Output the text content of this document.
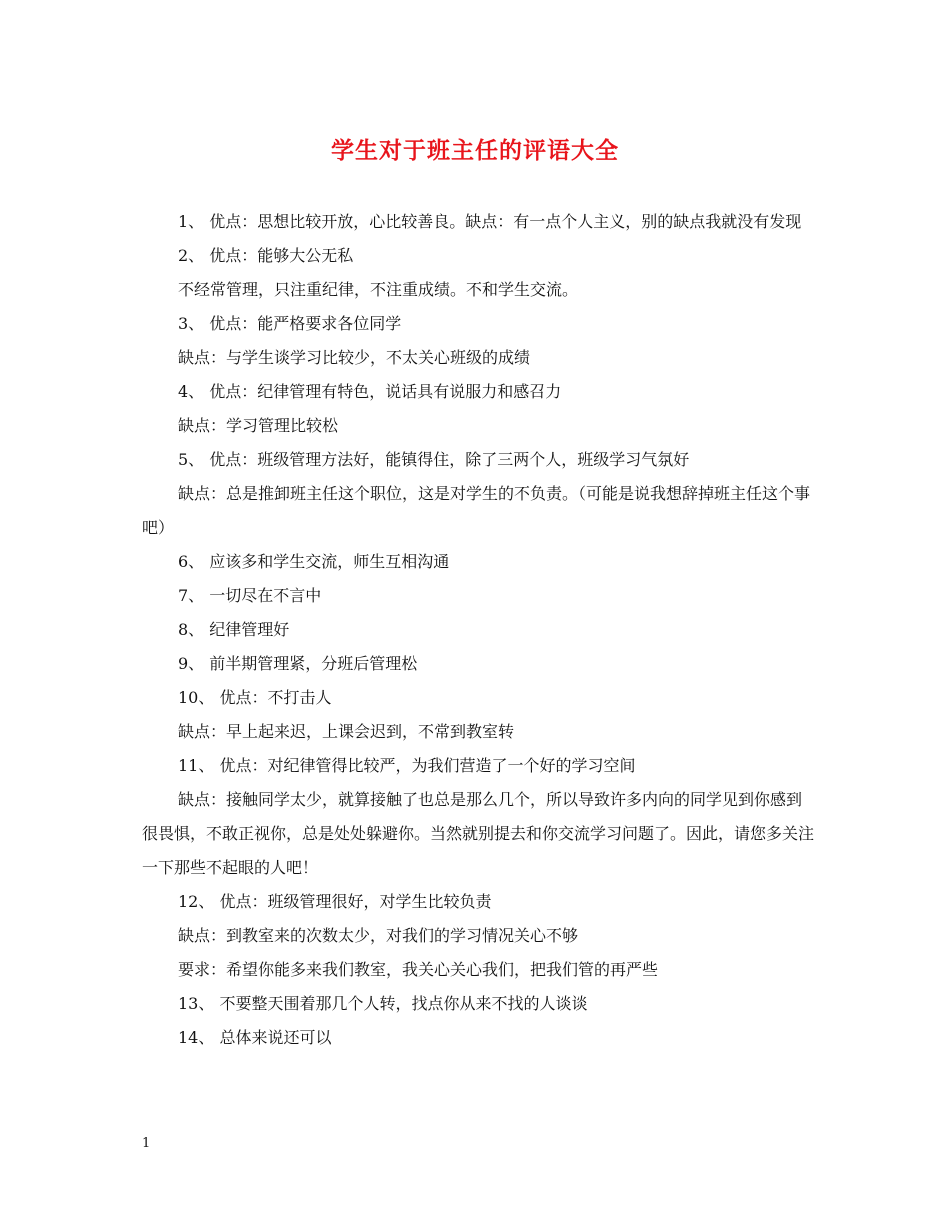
学生对于班主任的评语大全

1、 优点：思想比较开放，心比较善良。缺点：有一点个人主义，别的缺点我就没有发现

2、 优点：能够大公无私

不经常管理，只注重纪律，不注重成绩。不和学生交流。

3、 优点：能严格要求各位同学

缺点：与学生谈学习比较少，不太关心班级的成绩

4、 优点：纪律管理有特色，说话具有说服力和感召力

缺点：学习管理比较松

5、 优点：班级管理方法好，能镇得住，除了三两个人，班级学习气氛好

缺点：总是推卸班主任这个职位，这是对学生的不负责。（可能是说我想辞掉班主任这个事吧）

6、 应该多和学生交流，师生互相沟通

7、 一切尽在不言中

8、 纪律管理好

9、 前半期管理紧，分班后管理松

10、 优点：不打击人

缺点：早上起来迟，上课会迟到，不常到教室转

11、 优点：对纪律管得比较严，为我们营造了一个好的学习空间

缺点：接触同学太少，就算接触了也总是那么几个，所以导致许多内向的同学见到你感到很畏惧，不敢正视你，总是处处躲避你。当然就别提去和你交流学习问题了。因此，请您多关注一下那些不起眼的人吧！

12、 优点：班级管理很好，对学生比较负责

缺点：到教室来的次数太少，对我们的学习情况关心不够

要求：希望你能多来我们教室，我关心关心我们，把我们管的再严些

13、 不要整天围着那几个人转，找点你从来不找的人谈谈

14、 总体来说还可以

1
